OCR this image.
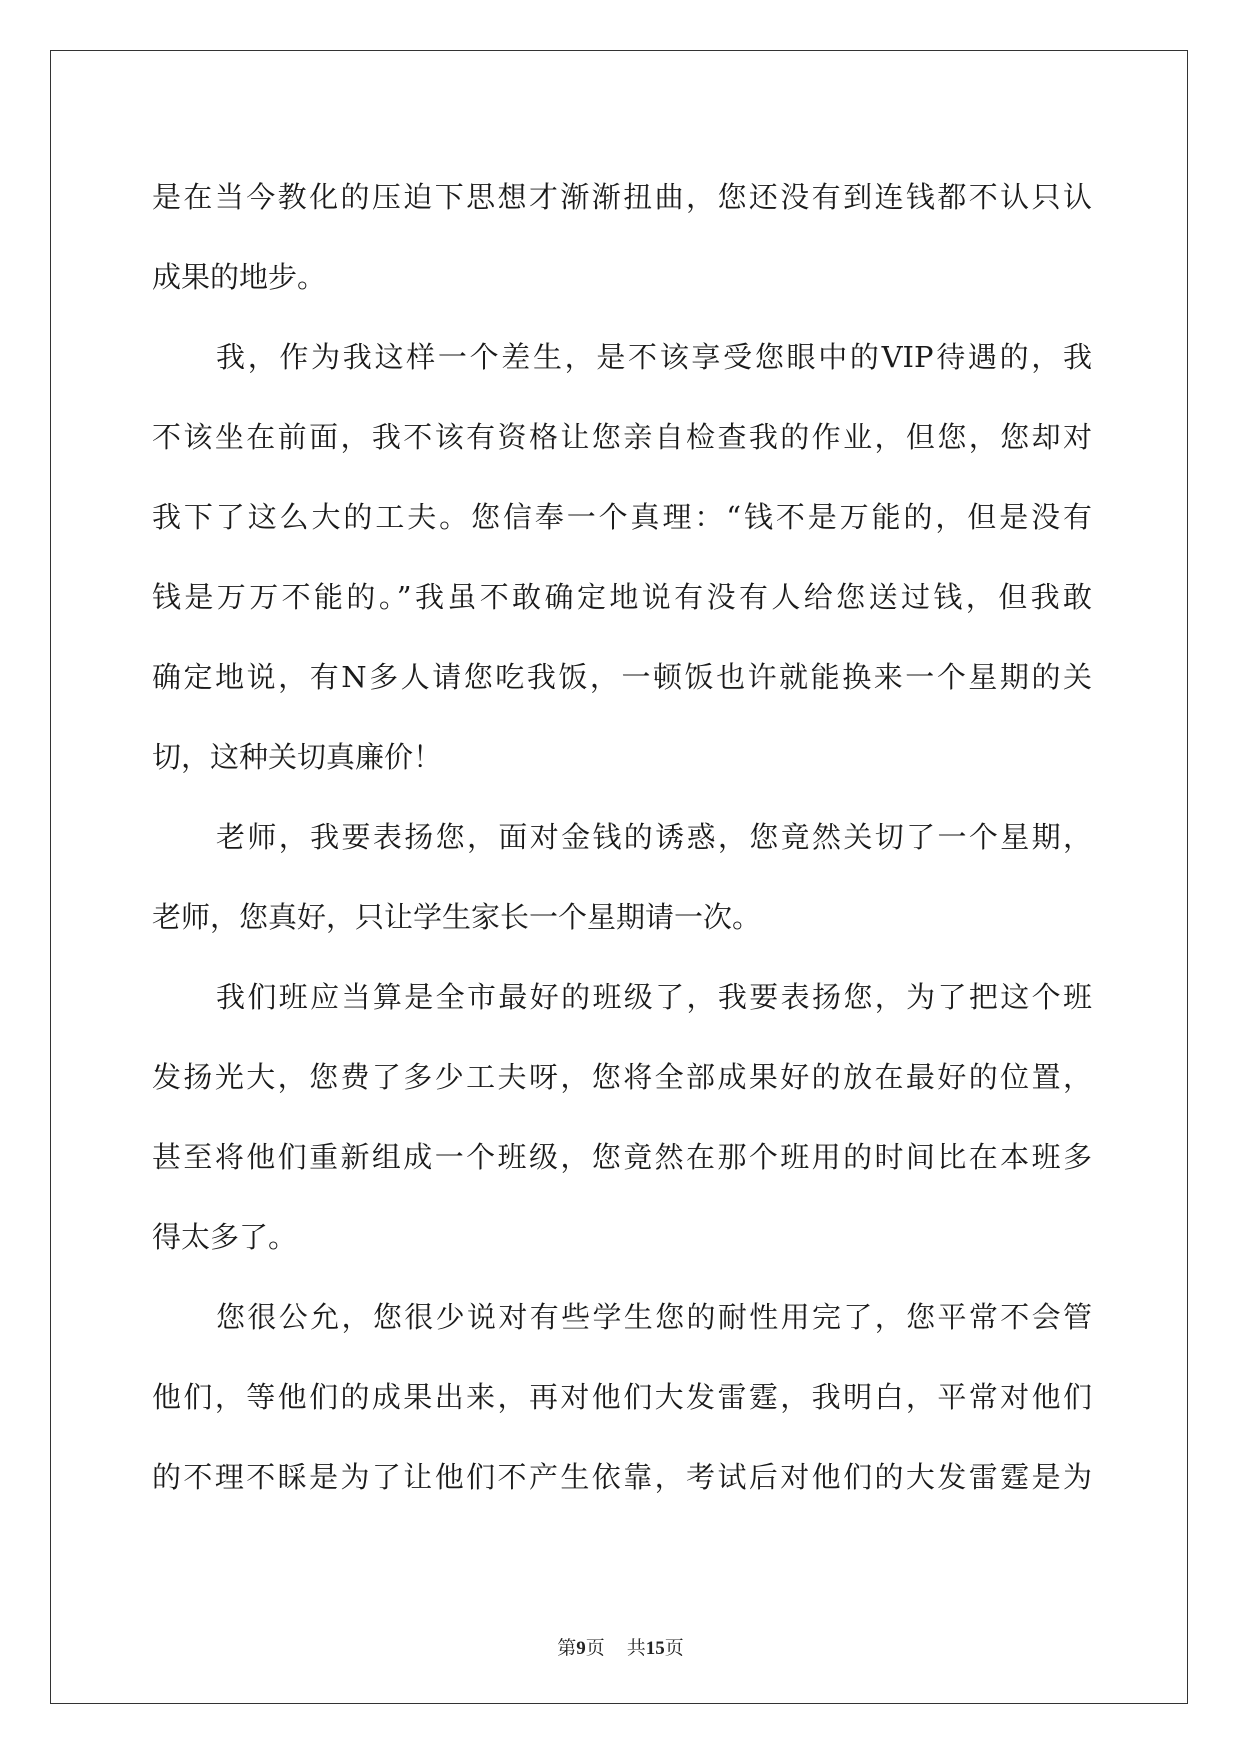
是在当今教化的压迫下思想才渐渐扭曲，您还没有到连钱都不认只认
成果的地步。
我，作为我这样一个差生，是不该享受您眼中的VIP待遇的，我
不该坐在前面，我不该有资格让您亲自检查我的作业，但您，您却对
我下了这么大的工夫。您信奉一个真理：“钱不是万能的，但是没有
钱是万万不能的。”我虽不敢确定地说有没有人给您送过钱，但我敢
确定地说，有N多人请您吃我饭，一顿饭也许就能换来一个星期的关
切，这种关切真廉价！
老师，我要表扬您，面对金钱的诱惑，您竟然关切了一个星期，
老师，您真好，只让学生家长一个星期请一次。
我们班应当算是全市最好的班级了，我要表扬您，为了把这个班
发扬光大，您费了多少工夫呀，您将全部成果好的放在最好的位置，
甚至将他们重新组成一个班级，您竟然在那个班用的时间比在本班多
得太多了。
您很公允，您很少说对有些学生您的耐性用完了，您平常不会管
他们，等他们的成果出来，再对他们大发雷霆，我明白，平常对他们
的不理不睬是为了让他们不产生依靠，考试后对他们的大发雷霆是为
第9页 共15页
